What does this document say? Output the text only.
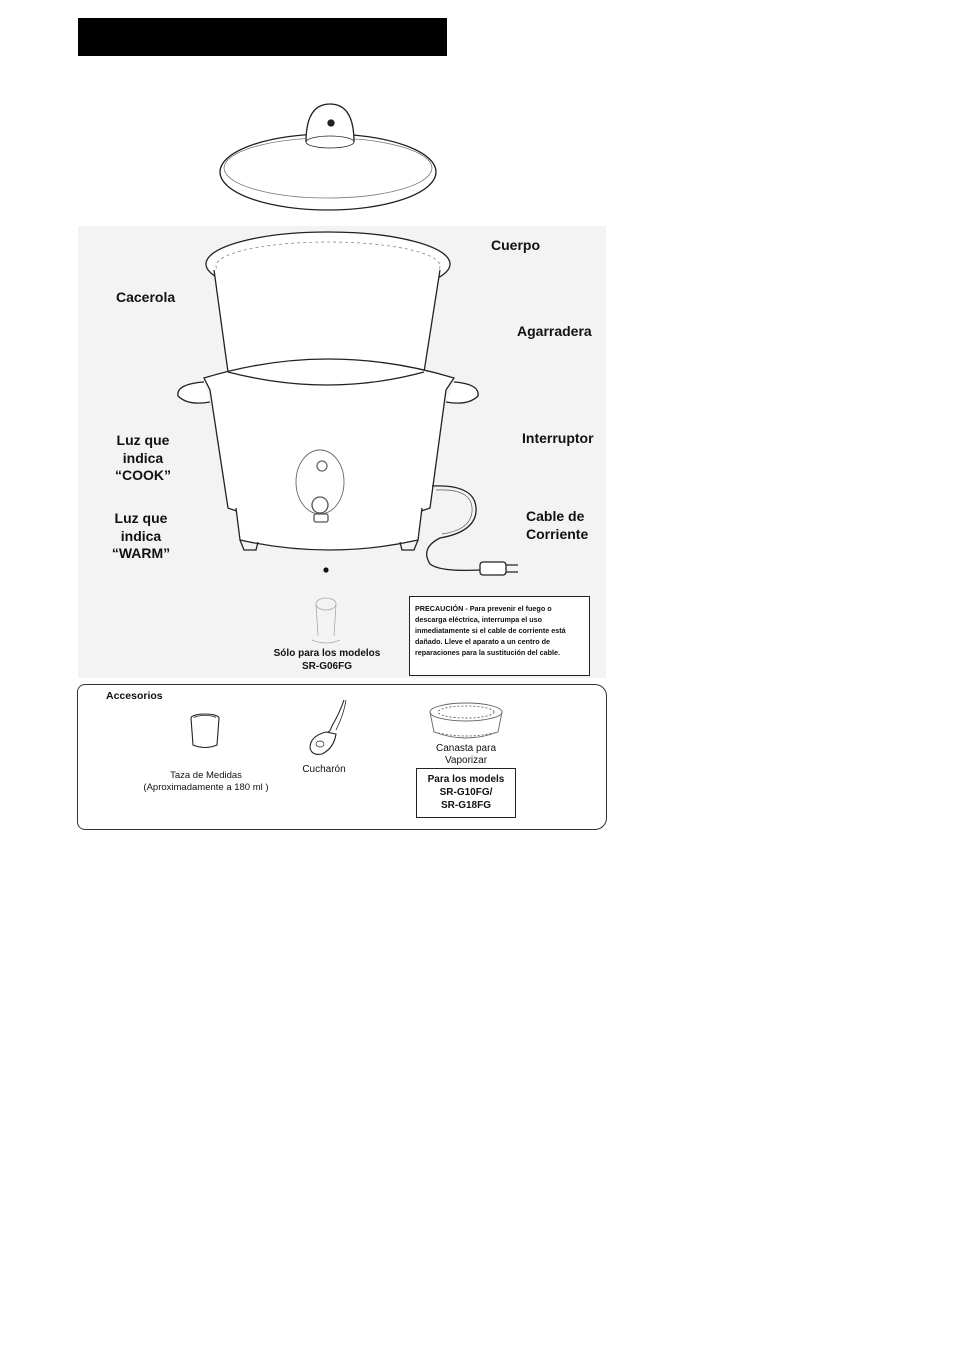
Cuerpo
Cacerola
Agarradera
Interruptor
Luz que
indica
“COOK”
Luz que
indica
“WARM”
Cable de
Corriente
Sólo para los modelos
SR-G06FG
PRECAUCIÓN - Para prevenir el fuego o descarga eléctrica, interrumpa el uso inmediatamente si el cable de corriente está dañado. Lleve el aparato a un centro de reparaciones para la sustitución del cable.
Accesorios
Taza de Medidas
(Aproximadamente a 180 ml )
Cucharón
Canasta para
Vaporizar
Para los models
SR-G10FG/
SR-G18FG
